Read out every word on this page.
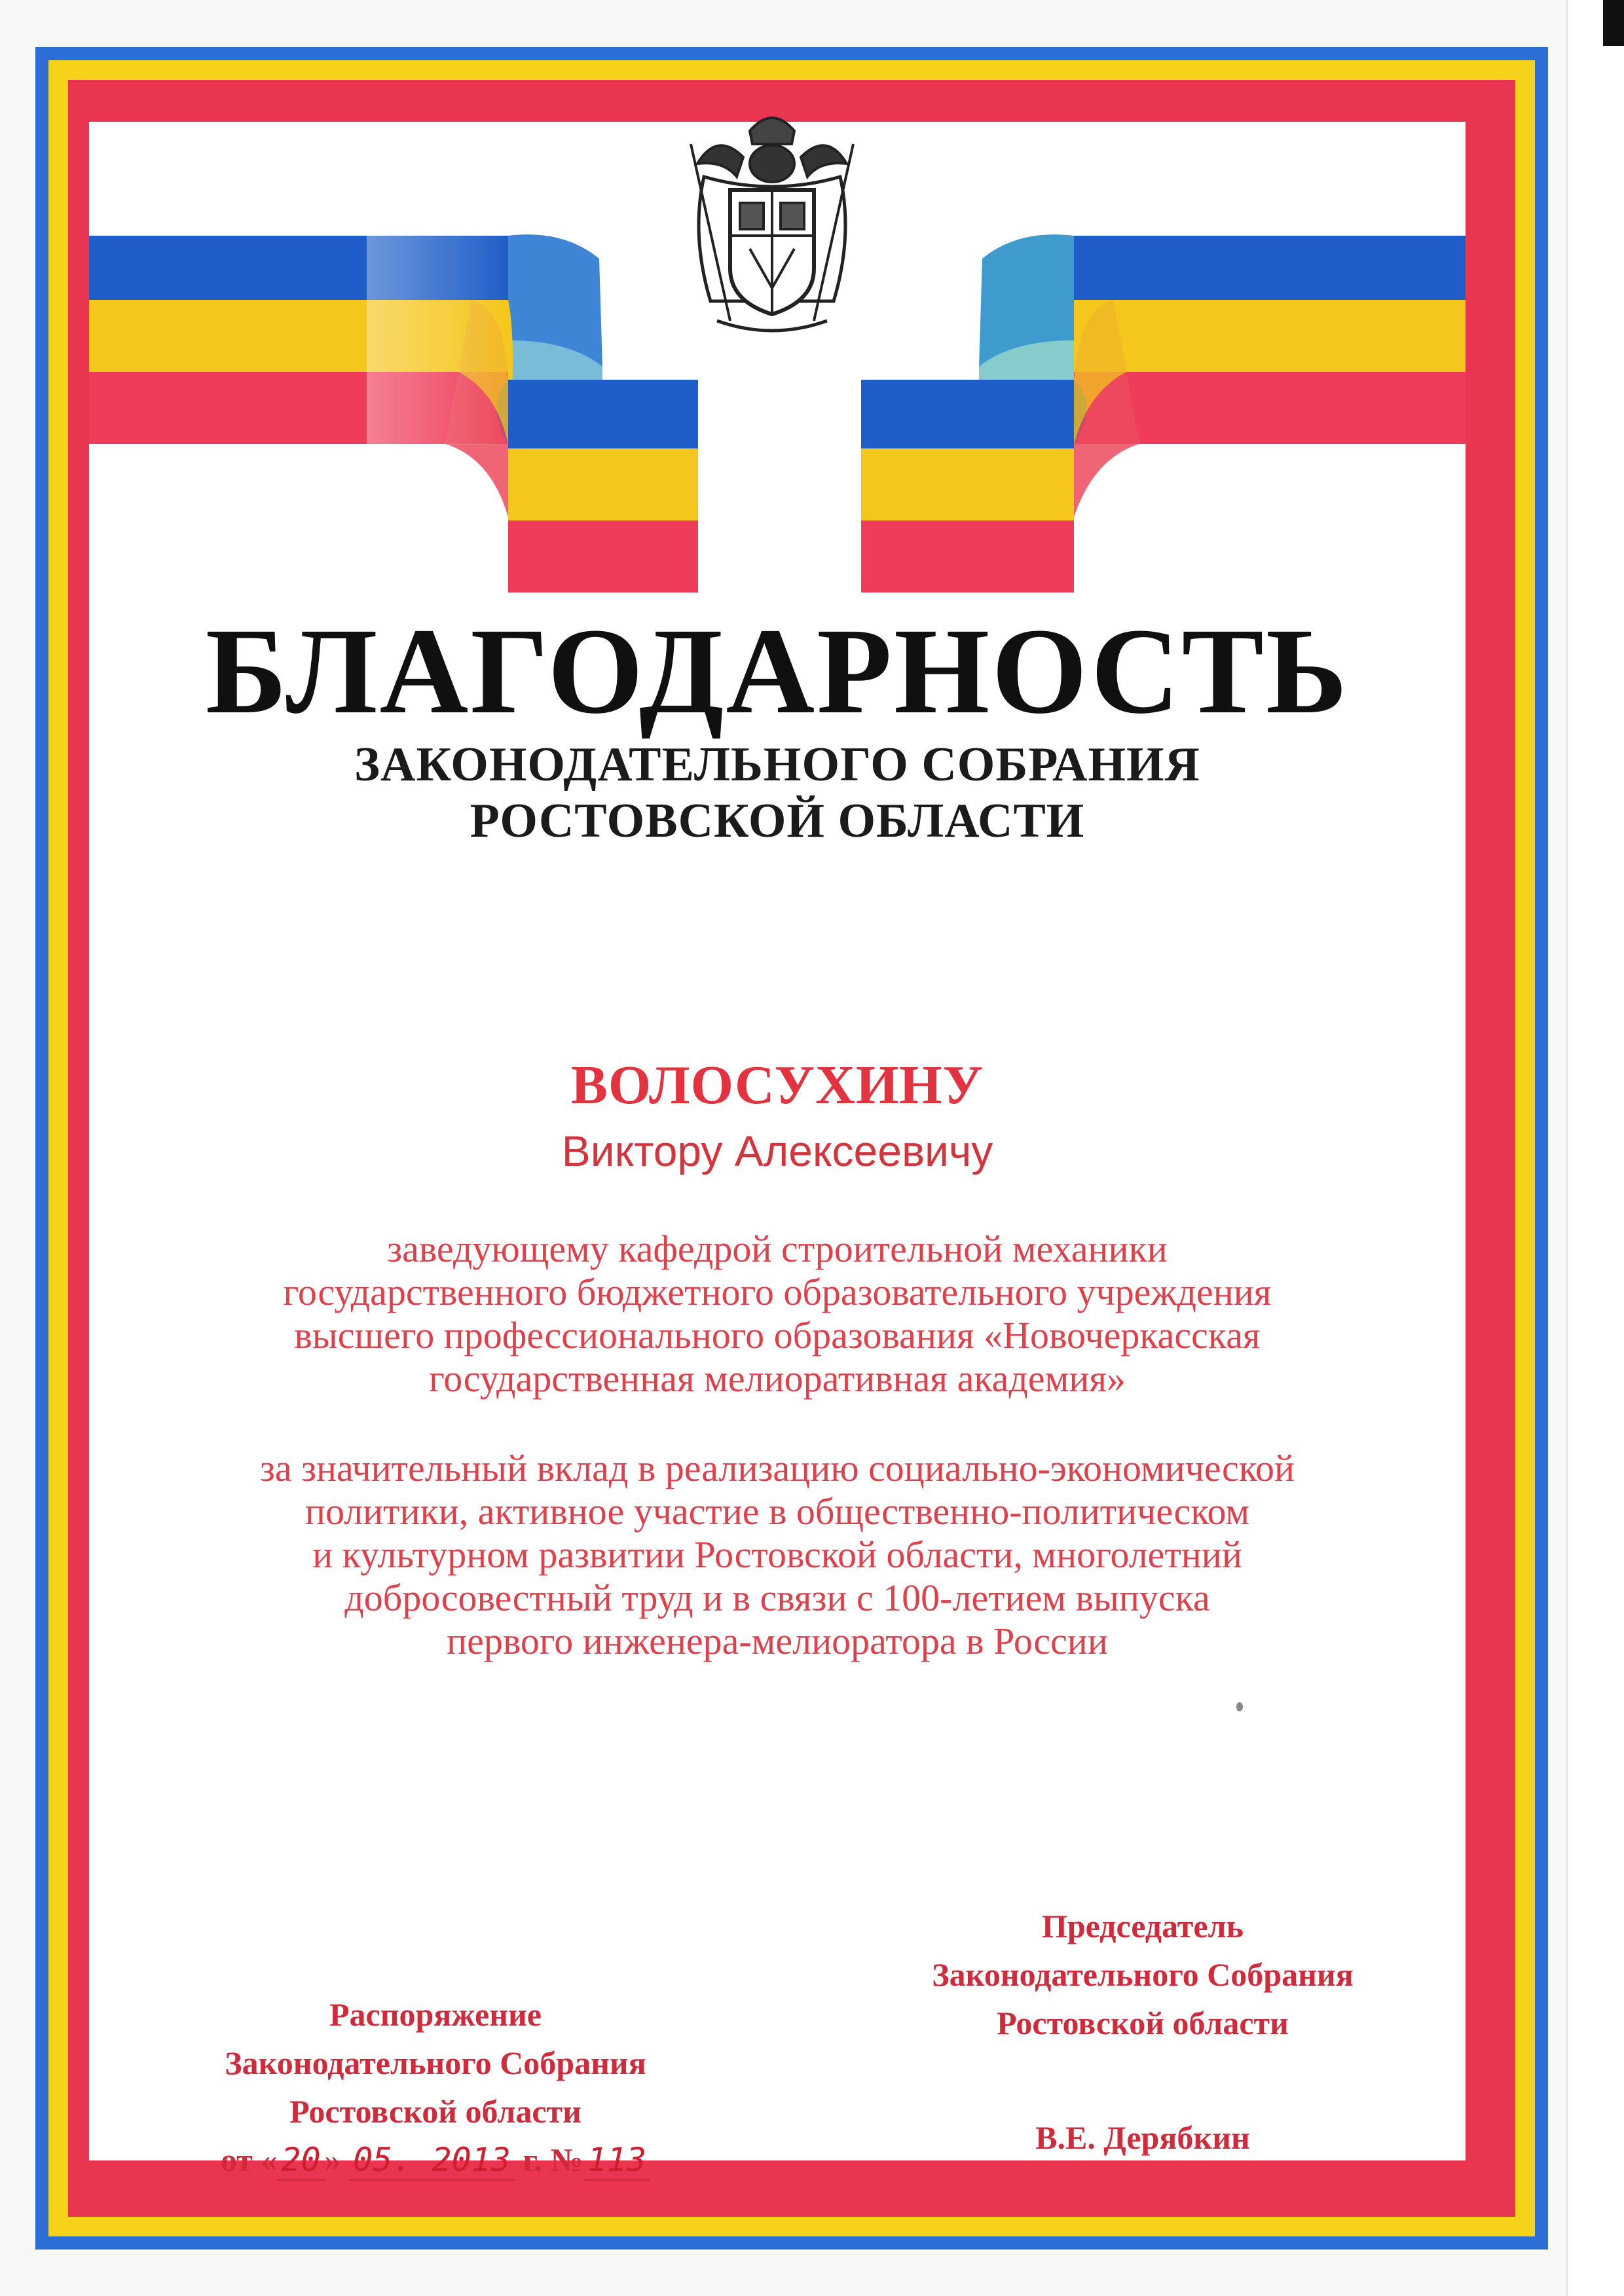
БЛАГОДАРНОСТЬ
ЗАКОНОДАТЕЛЬНОГО СОБРАНИЯ
РОСТОВСКОЙ ОБЛАСТИ
ВОЛОСУХИНУ
Виктору Алексеевичу
заведующему кафедрой строительной механики
государственного бюджетного образовательного учреждения
высшего профессионального образования «Новочеркасская
государственная мелиоративная академия»
за значительный вклад в реализацию социально-экономической
политики, активное участие в общественно-политическом
и культурном развитии Ростовской области, многолетний
добросовестный труд и в связи с 100-летием выпуска
первого инженера-мелиоратора в России
Председатель
Законодательного Собрания
Ростовской области
Распоряжение
Законодательного Собрания
Ростовской области
от « 20 » 05. 2013 г. № 113
В.Е. Дерябкин
